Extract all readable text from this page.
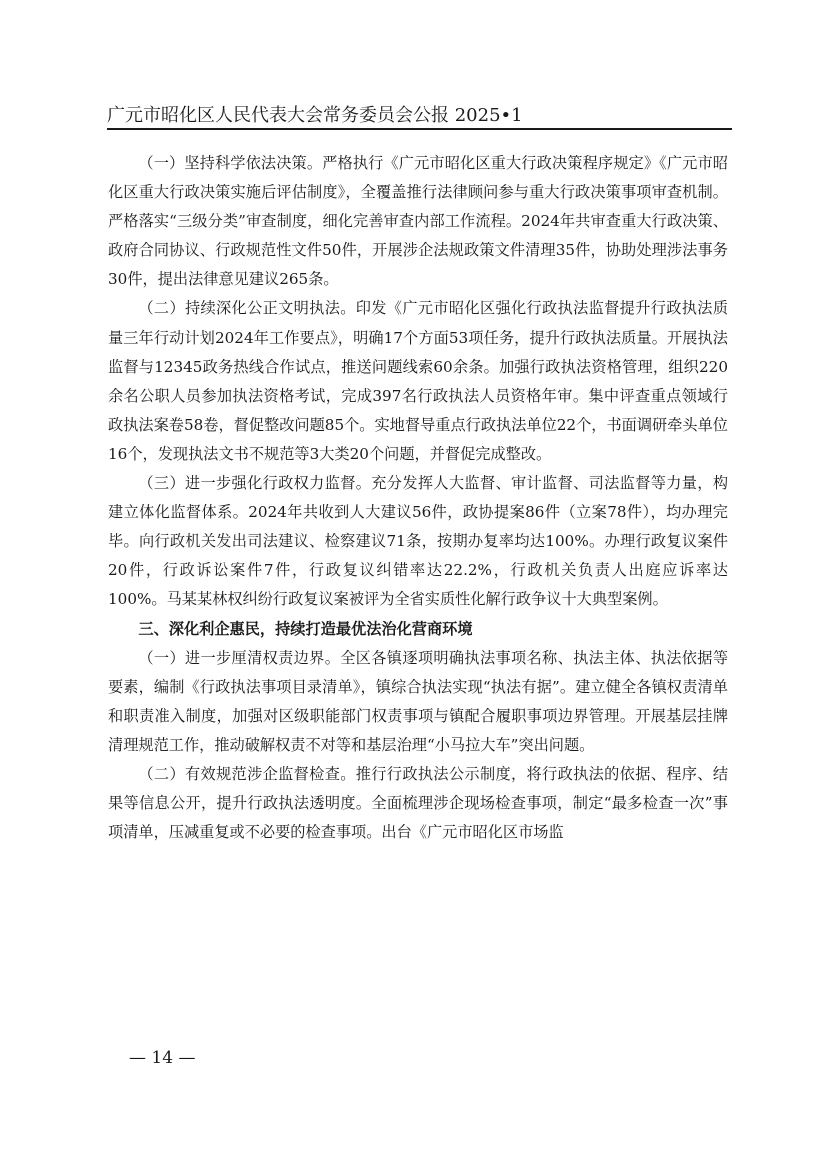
广元市昭化区人民代表大会常务委员会公报 2025•1

（一）坚持科学依法决策。严格执行《广元市昭化区重大行政决策程序规定》《广元市昭化区重大行政决策实施后评估制度》，全覆盖推行法律顾问参与重大行政决策事项审查机制。严格落实“三级分类”审查制度，细化完善审查内部工作流程。2024年共审查重大行政决策、政府合同协议、行政规范性文件50件，开展涉企法规政策文件清理35件，协助处理涉法事务30件，提出法律意见建议265条。

（二）持续深化公正文明执法。印发《广元市昭化区强化行政执法监督提升行政执法质量三年行动计划2024年工作要点》，明确17个方面53项任务，提升行政执法质量。开展执法监督与12345政务热线合作试点，推送问题线索60余条。加强行政执法资格管理，组织220余名公职人员参加执法资格考试，完成397名行政执法人员资格年审。集中评查重点领域行政执法案卷58卷，督促整改问题85个。实地督导重点行政执法单位22个，书面调研牵头单位16个，发现执法文书不规范等3大类20个问题，并督促完成整改。

（三）进一步强化行政权力监督。充分发挥人大监督、审计监督、司法监督等力量，构建立体化监督体系。2024年共收到人大建议56件，政协提案86件（立案78件），均办理完毕。向行政机关发出司法建议、检察建议71条，按期办复率均达100%。办理行政复议案件20件，行政诉讼案件7件，行政复议纠错率达22.2%，行政机关负责人出庭应诉率达100%。马某某林权纠纷行政复议案被评为全省实质性化解行政争议十大典型案例。

三、深化利企惠民，持续打造最优法治化营商环境

（一）进一步厘清权责边界。全区各镇逐项明确执法事项名称、执法主体、执法依据等要素，编制《行政执法事项目录清单》，镇综合执法实现“执法有据”。建立健全各镇权责清单和职责准入制度，加强对区级职能部门权责事项与镇配合履职事项边界管理。开展基层挂牌清理规范工作，推动破解权责不对等和基层治理“小马拉大车”突出问题。

（二）有效规范涉企监督检查。推行行政执法公示制度，将行政执法的依据、程序、结果等信息公开，提升行政执法透明度。全面梳理涉企现场检查事项，制定“最多检查一次”事项清单，压减重复或不必要的检查事项。出台《广元市昭化区市场监

— 14 —
